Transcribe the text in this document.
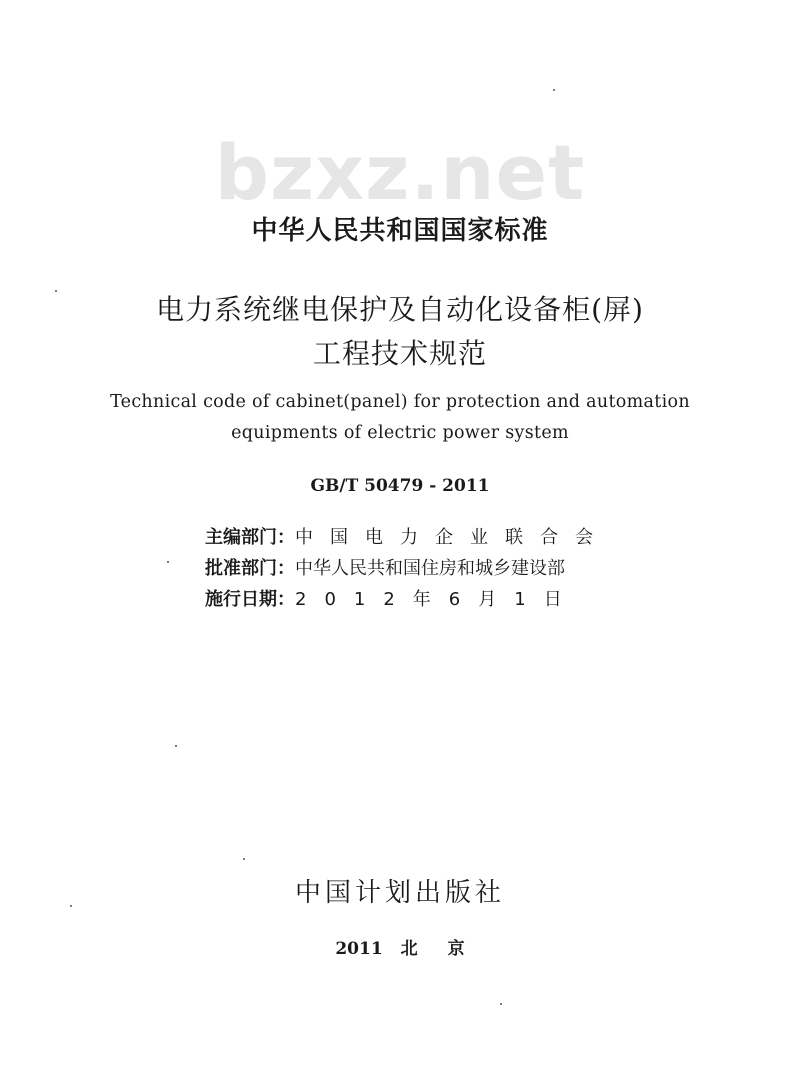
bzxz.net
中华人民共和国国家标准
电力系统继电保护及自动化设备柜(屏)
工程技术规范
Technical code of cabinet(panel) for protection and automation
equipments of electric power system
GB/T 50479 - 2011
主编部门：中国电力企业联合会
批准部门：中华人民共和国住房和城乡建设部
施行日期：2012年6月1日
中国计划出版社
2011 北 京
